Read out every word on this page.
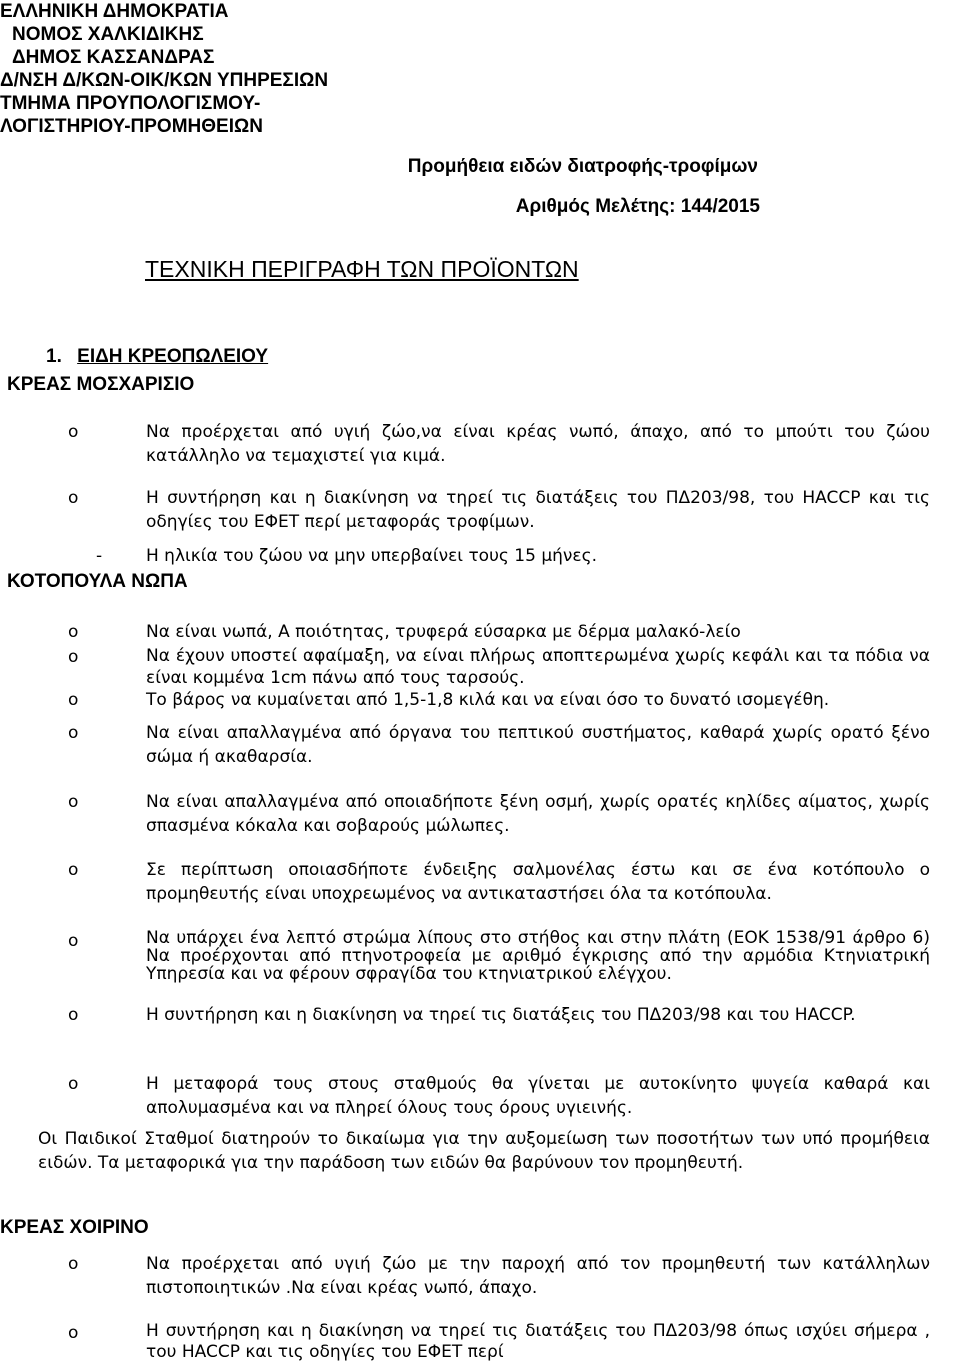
ΕΛΛΗΝΙΚΗ ΔΗΜΟΚΡΑΤΙΑ
ΝΟΜΟΣ ΧΑΛΚΙΔΙΚΗΣ
ΔΗΜΟΣ ΚΑΣΣΑΝΔΡΑΣ
Δ/ΝΣΗ Δ/ΚΩΝ-ΟΙΚ/ΚΩΝ ΥΠΗΡΕΣΙΩΝ
ΤΜΗΜΑ ΠΡΟΥΠΟΛΟΓΙΣΜΟΥ-
ΛΟΓΙΣΤΗΡΙΟΥ-ΠΡΟΜΗΘΕΙΩΝ
Προμήθεια ειδών διατροφής-τροφίμων
Αριθμός Μελέτης: 144/2015
ΤΕΧΝΙΚΗ ΠΕΡΙΓΡΑΦΗ ΤΩΝ ΠΡΟΪΟΝΤΩΝ
1. ΕΙΔΗ ΚΡΕΟΠΩΛΕΙΟΥ
ΚΡΕΑΣ ΜΟΣΧΑΡΙΣΙΟ
o	Να προέρχεται από υγιή ζώο,να είναι κρέας νωπό, άπαχο, από το μπούτι του ζώου κατάλληλο να τεμαχιστεί για κιμά.
o	Η συντήρηση και η διακίνηση να τηρεί τις διατάξεις του ΠΔ203/98, του HACCP και τις οδηγίες του ΕΦΕΤ περί μεταφοράς τροφίμων.
-	Η ηλικία του ζώου να μην υπερβαίνει τους 15 μήνες.
ΚΟΤΟΠΟΥΛΑ ΝΩΠΑ
o	Να είναι νωπά, Α ποιότητας, τρυφερά εύσαρκα με δέρμα μαλακό-λείο
o	Να έχουν υποστεί αφαίμαξη, να είναι πλήρως αποπτερωμένα χωρίς κεφάλι και τα πόδια να είναι κομμένα 1cm πάνω από τους ταρσούς.
o	Το βάρος να κυμαίνεται από 1,5-1,8 κιλά και να είναι όσο το δυνατό ισομεγέθη.
o	Να είναι απαλλαγμένα από όργανα του πεπτικού συστήματος, καθαρά χωρίς ορατό ξένο σώμα ή ακαθαρσία.
o	Να είναι απαλλαγμένα από οποιαδήποτε ξένη οσμή, χωρίς ορατές κηλίδες αίματος, χωρίς σπασμένα κόκαλα και σοβαρούς μώλωπες.
o	Σε περίπτωση οποιασδήποτε ένδειξης σαλμονέλας έστω και σε ένα κοτόπουλο ο προμηθευτής είναι υποχρεωμένος να αντικαταστήσει όλα τα κοτόπουλα.
o	Να υπάρχει ένα λεπτό στρώμα λίπους στο στήθος και στην πλάτη (ΕΟΚ 1538/91 άρθρο 6) Να προέρχονται από πτηνοτροφεία με αριθμό έγκρισης από την αρμόδια Κτηνιατρική Υπηρεσία και να φέρουν σφραγίδα του κτηνιατρικού ελέγχου.
o	Η συντήρηση και η διακίνηση να τηρεί τις διατάξεις του ΠΔ203/98 και του HACCP.
o	Η μεταφορά τους στους σταθμούς θα γίνεται με αυτοκίνητο ψυγεία καθαρά και απολυμασμένα και να πληρεί όλους τους όρους υγιεινής.
Οι Παιδικοί Σταθμοί διατηρούν το δικαίωμα για την αυξομείωση των ποσοτήτων των υπό προμήθεια ειδών. Τα μεταφορικά για την παράδοση των ειδών θα βαρύνουν τον προμηθευτή.
ΚΡΕΑΣ ΧΟΙΡΙΝΟ
o	Να προέρχεται από υγιή ζώο με την παροχή από τον προμηθευτή των κατάλληλων πιστοποιητικών .Να είναι κρέας νωπό, άπαχο.
o	Η συντήρηση και η διακίνηση να τηρεί τις διατάξεις του ΠΔ203/98 όπως ισχύει σήμερα , του HACCP και τις οδηγίες του ΕΦΕΤ περί
